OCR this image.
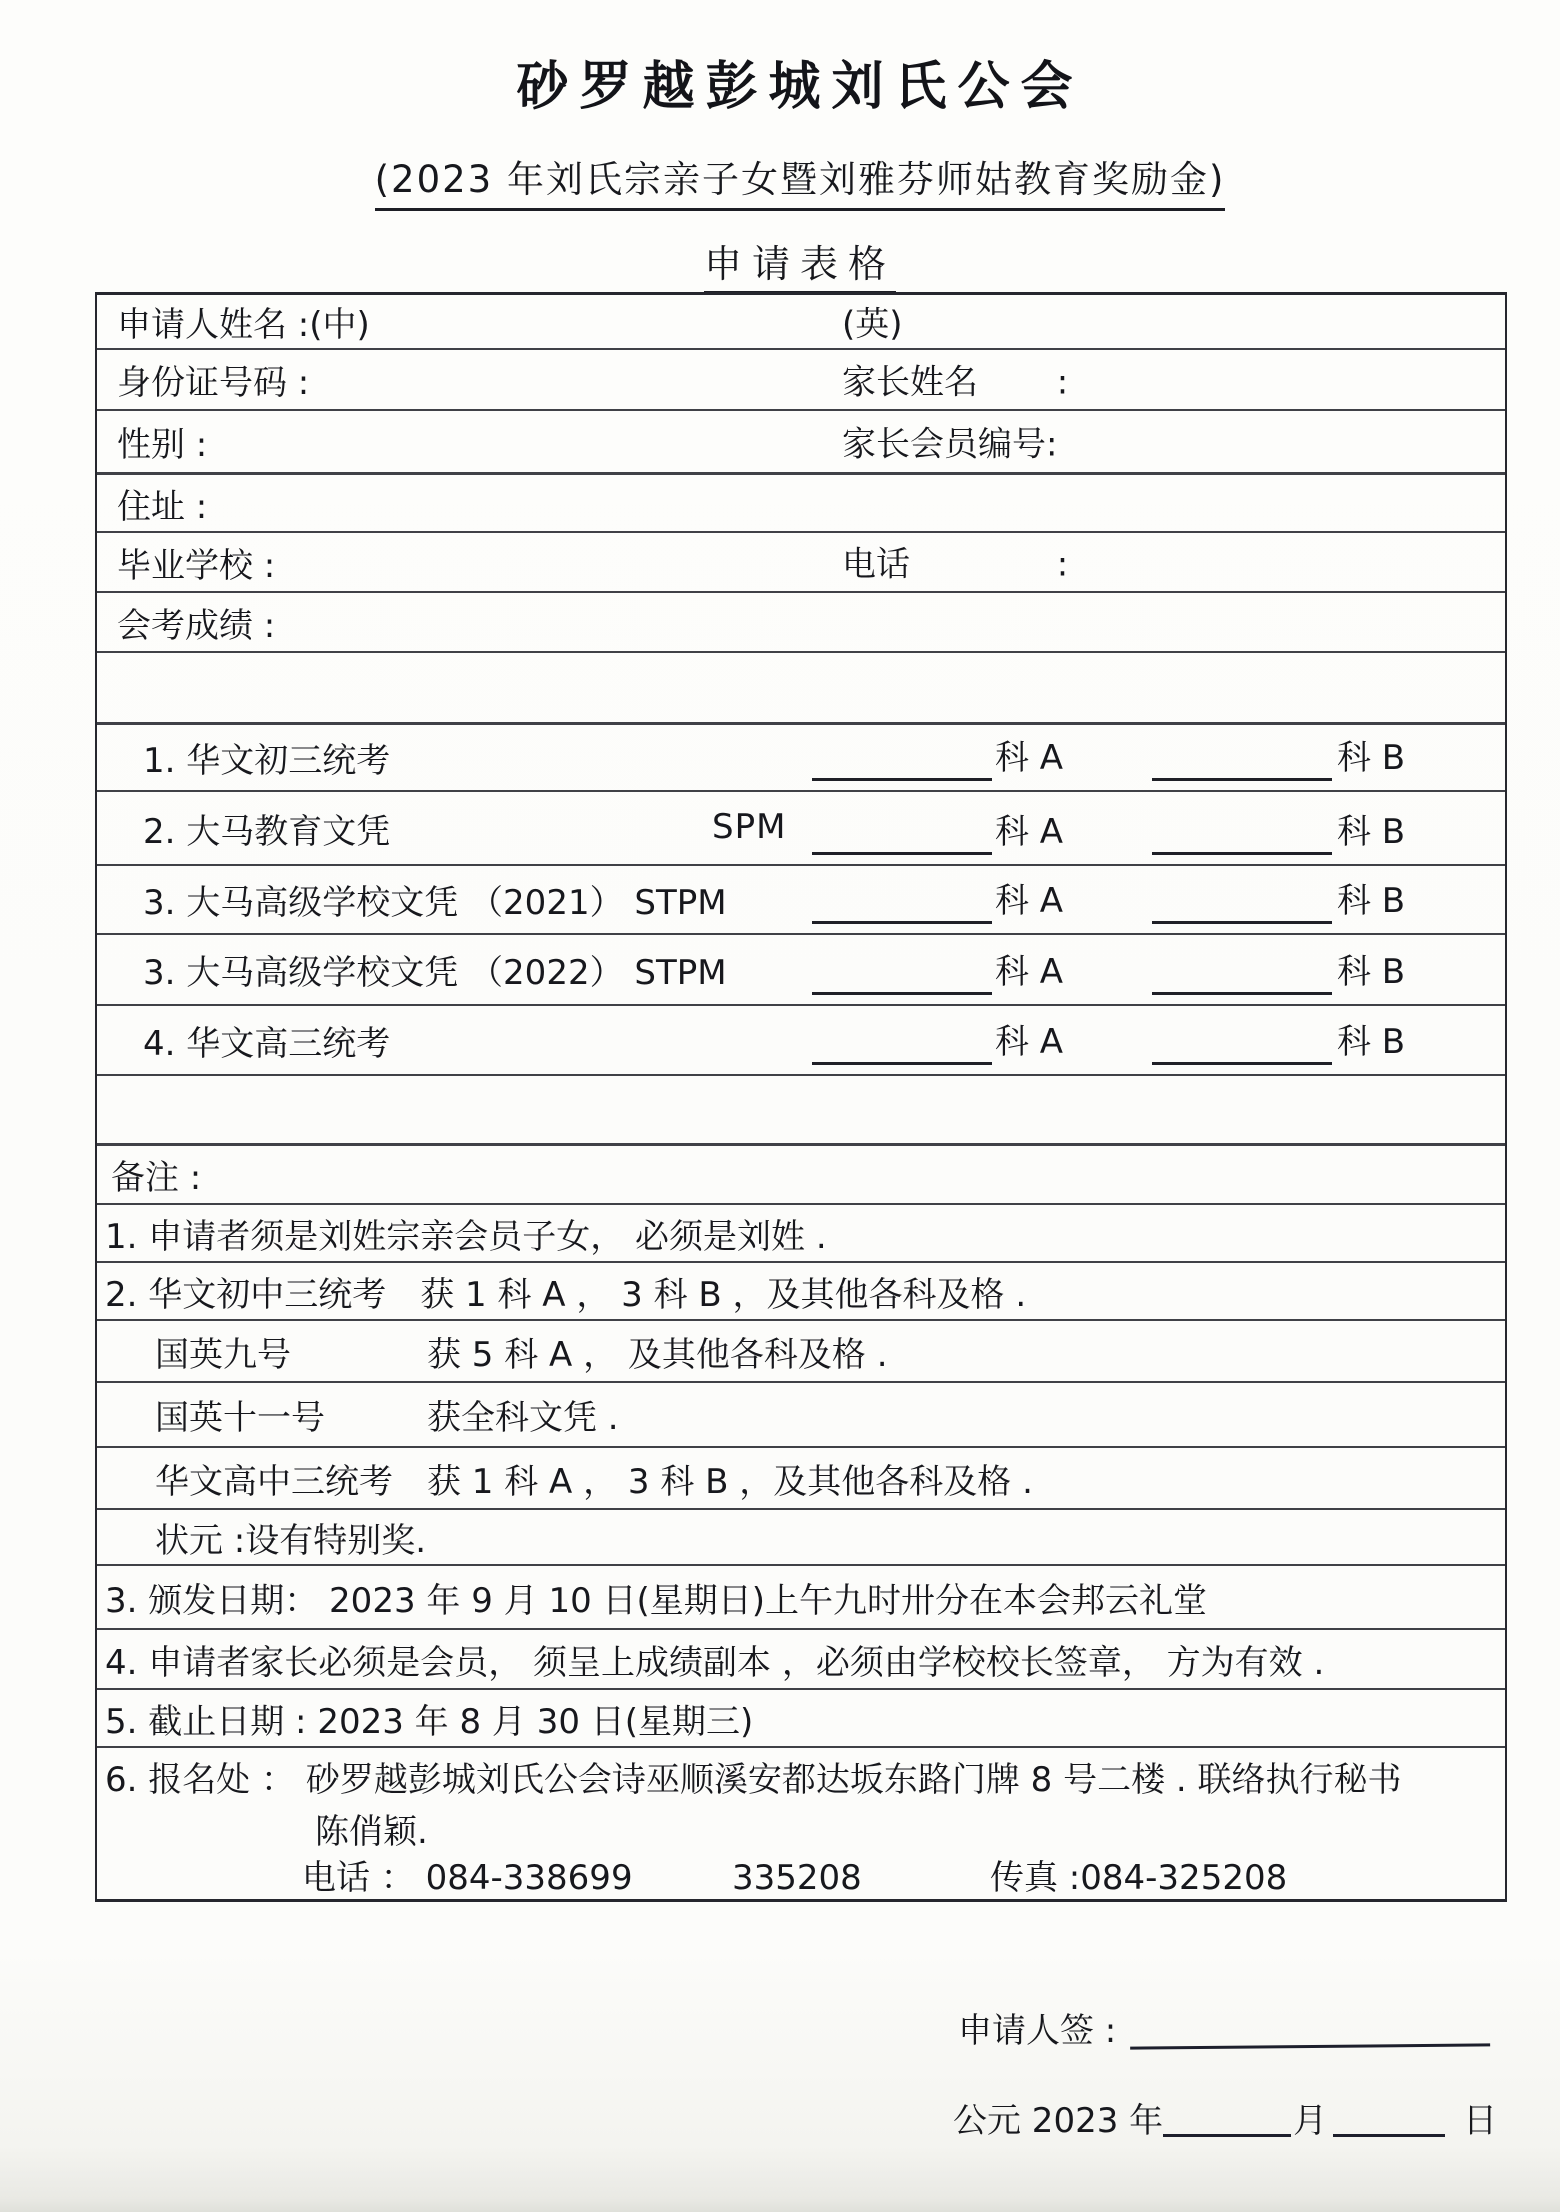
砂罗越彭城刘氏公会
(2023 年刘氏宗亲子女暨刘雅芬师姑教育奖励金)
申请表格
申请人姓名 :(中)	(英)
身份证号码 :	家长姓名　　 :
性别 :	家长会员编号:
住址 :
毕业学校 :	电话　　　　 :
会考成绩 :
1. 华文初三统考	科 A	科 B
2. 大马教育文凭	SPM	科 A	科 B
3. 大马高级学校文凭 （2021） STPM	科 A	科 B
3. 大马高级学校文凭 （2022） STPM	科 A	科 B
4. 华文高三统考	科 A	科 B
备注 :
1. 申请者须是刘姓宗亲会员子女， 必须是刘姓 .
2. 华文初中三统考　获 1 科 A ， 3 科 B ，及其他各科及格 .
国英九号　　　　获 5 科 A ， 及其他各科及格 .
国英十一号　　　获全科文凭 .
华文高中三统考　获 1 科 A ， 3 科 B ，及其他各科及格 .
状元 :设有特别奖.
3. 颁发日期： 2023 年 9 月 10 日(星期日)上午九时卅分在本会邦云礼堂
4. 申请者家长必须是会员， 须呈上成绩副本 ，必须由学校校长签章， 方为有效 .
5. 截止日期 : 2023 年 8 月 30 日(星期三)
6. 报名处 ： 砂罗越彭城刘氏公会诗巫顺溪安都达坂东路门牌 8 号二楼 . 联络执行秘书
陈俏颖.
电话 ： 084-338699	335208	传真 :084-325208
申请人签 :
公元 2023 年	月	日
